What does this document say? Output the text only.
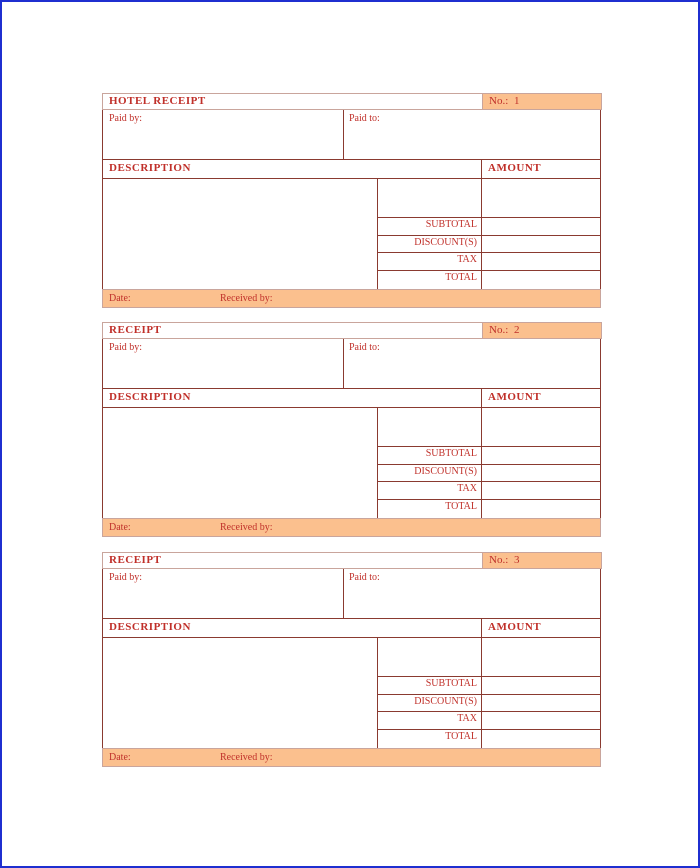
HOTEL RECEIPT	No.: 1
Paid by:	Paid to:
DESCRIPTION	AMOUNT
SUBTOTAL
DISCOUNT(S)
TAX
TOTAL
Date:	Received by:
RECEIPT	No.: 2
Paid by:	Paid to:
DESCRIPTION	AMOUNT
SUBTOTAL
DISCOUNT(S)
TAX
TOTAL
Date:	Received by:
RECEIPT	No.: 3
Paid by:	Paid to:
DESCRIPTION	AMOUNT
SUBTOTAL
DISCOUNT(S)
TAX
TOTAL
Date:	Received by:
